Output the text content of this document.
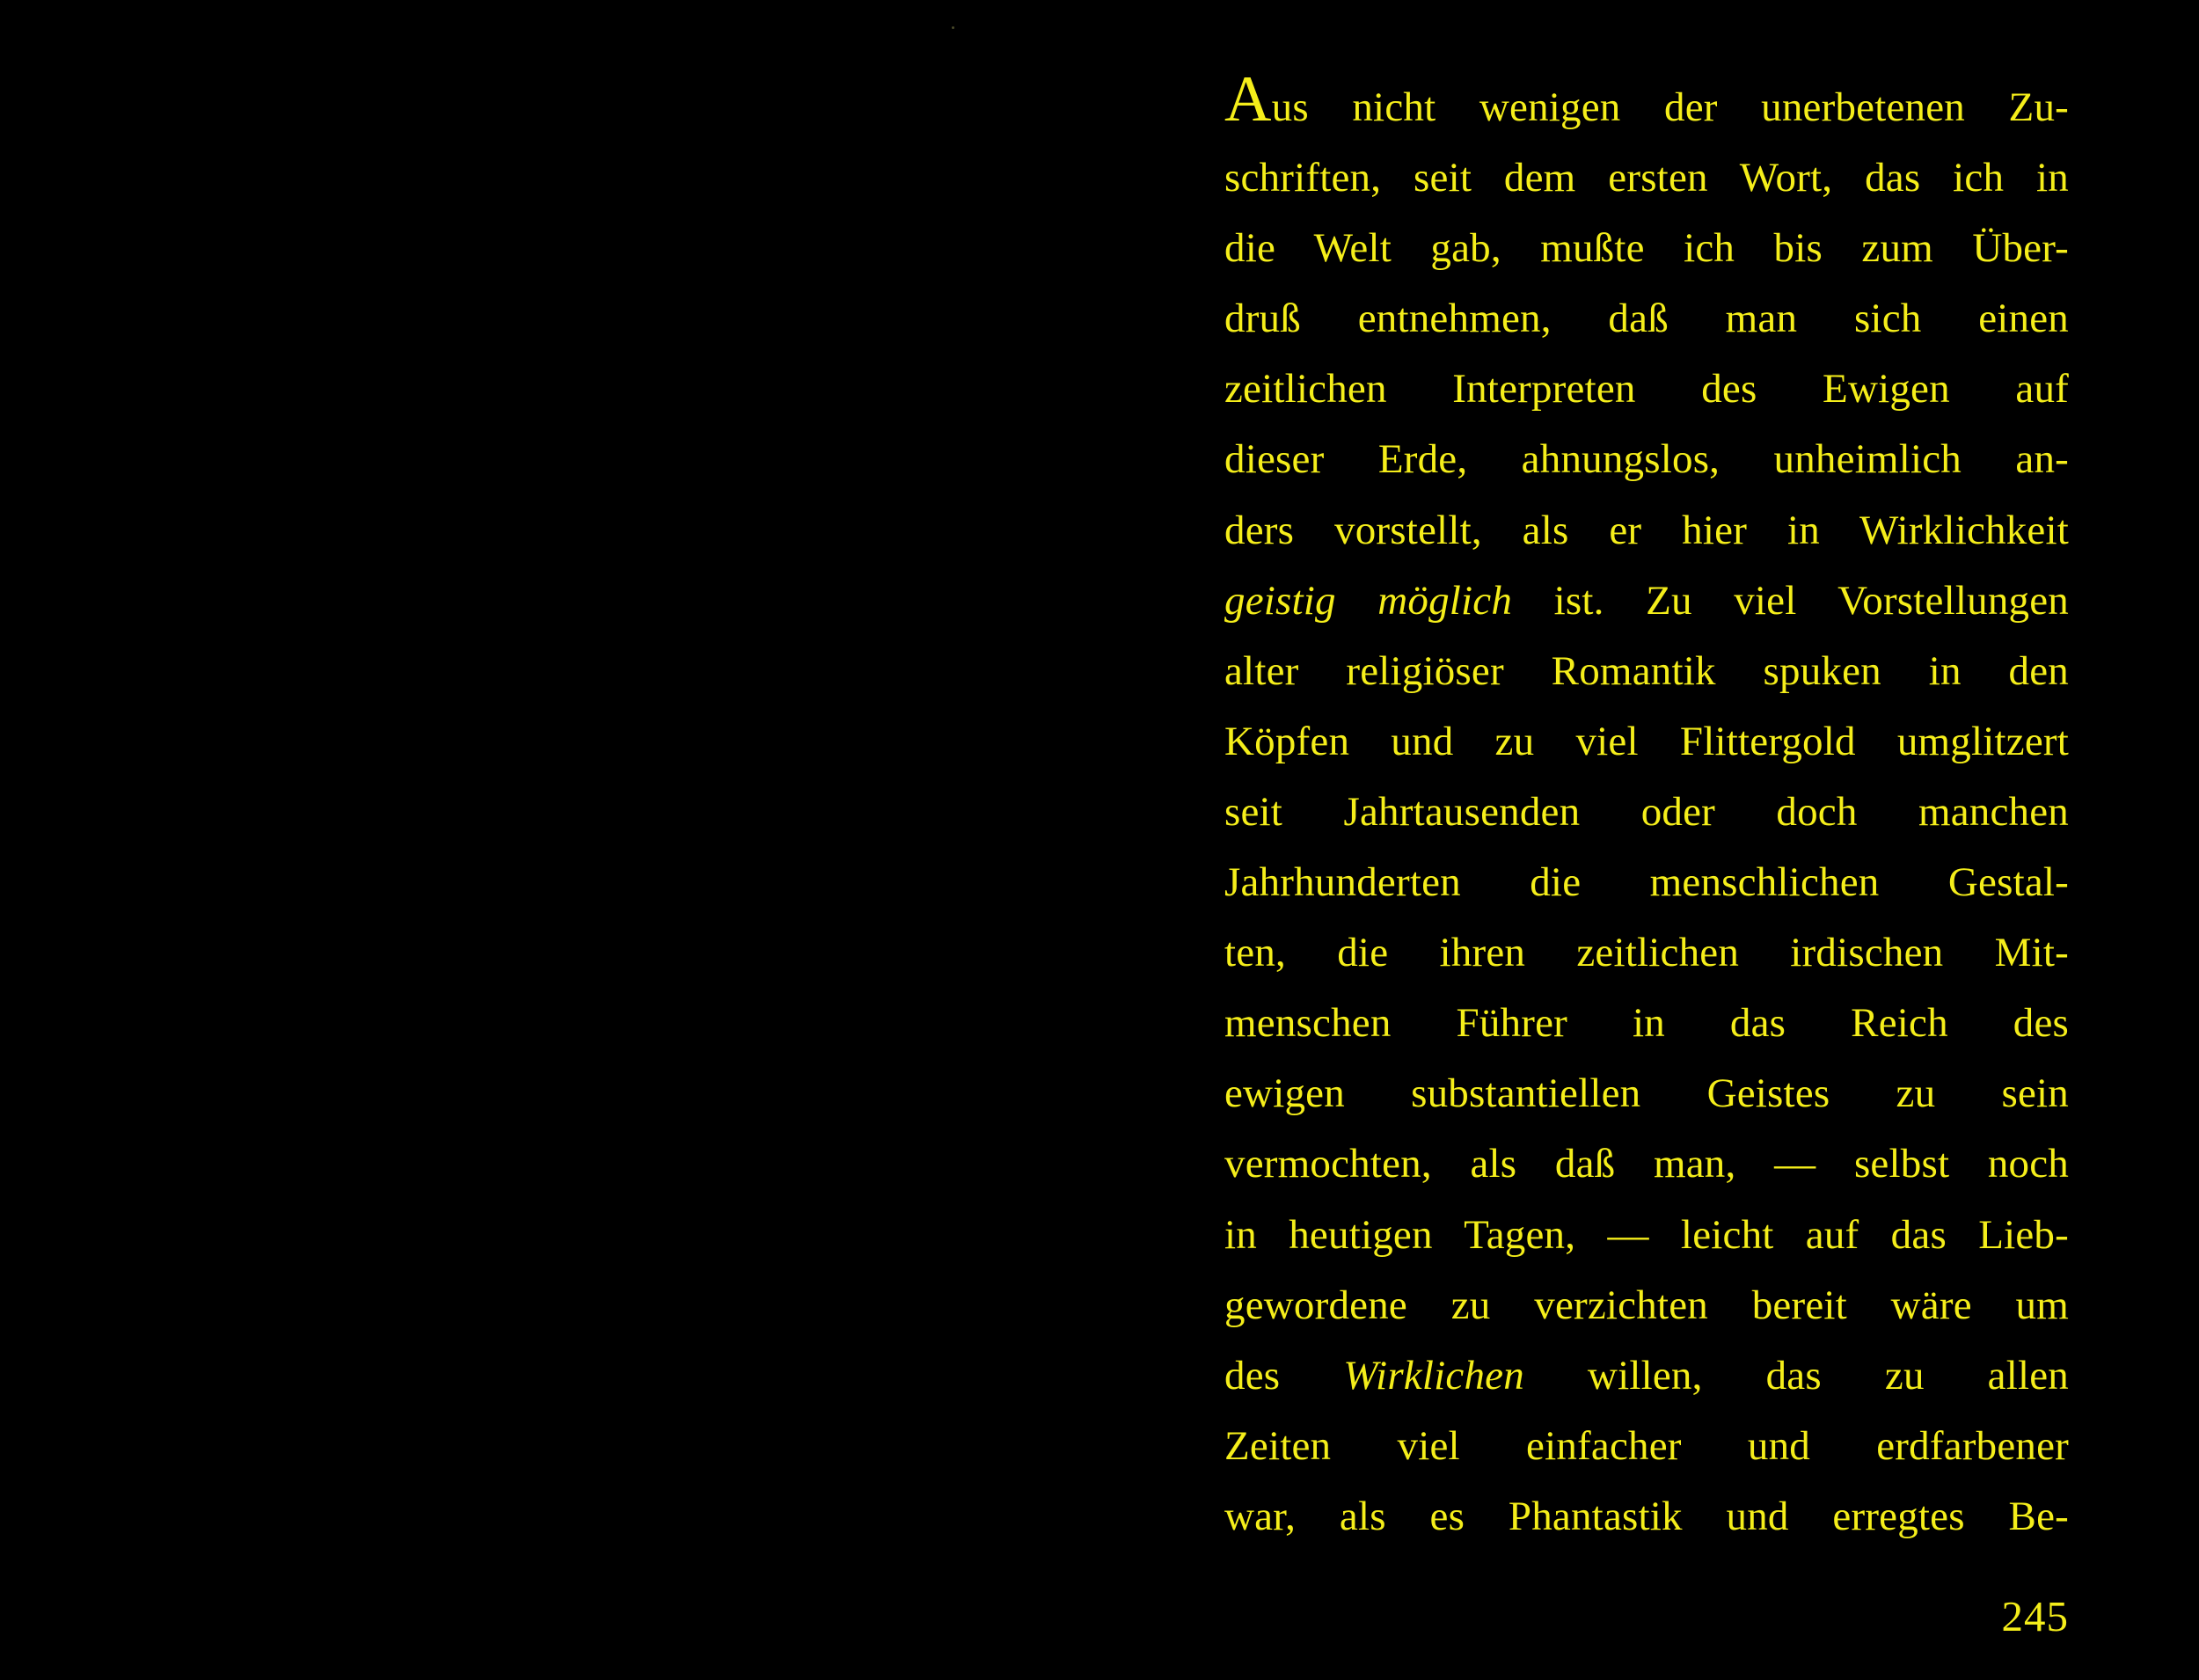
Aus nicht wenigen der unerbetenen Zu-
schriften, seit dem ersten Wort, das ich in
die Welt gab, mußte ich bis zum Über-
druß entnehmen, daß man sich einen
zeitlichen Interpreten des Ewigen auf
dieser Erde, ahnungslos, unheimlich an-
ders vorstellt, als er hier in Wirklichkeit
geistig möglich ist. Zu viel Vorstellungen
alter religiöser Romantik spuken in den
Köpfen und zu viel Flittergold umglitzert
seit Jahrtausenden oder doch manchen
Jahrhunderten die menschlichen Gestal-
ten, die ihren zeitlichen irdischen Mit-
menschen Führer in das Reich des
ewigen substantiellen Geistes zu sein
vermochten, als daß man, — selbst noch
in heutigen Tagen, — leicht auf das Lieb-
gewordene zu verzichten bereit wäre um
des Wirklichen willen, das zu allen
Zeiten viel einfacher und erdfarbener
war, als es Phantastik und erregtes Be-
245
